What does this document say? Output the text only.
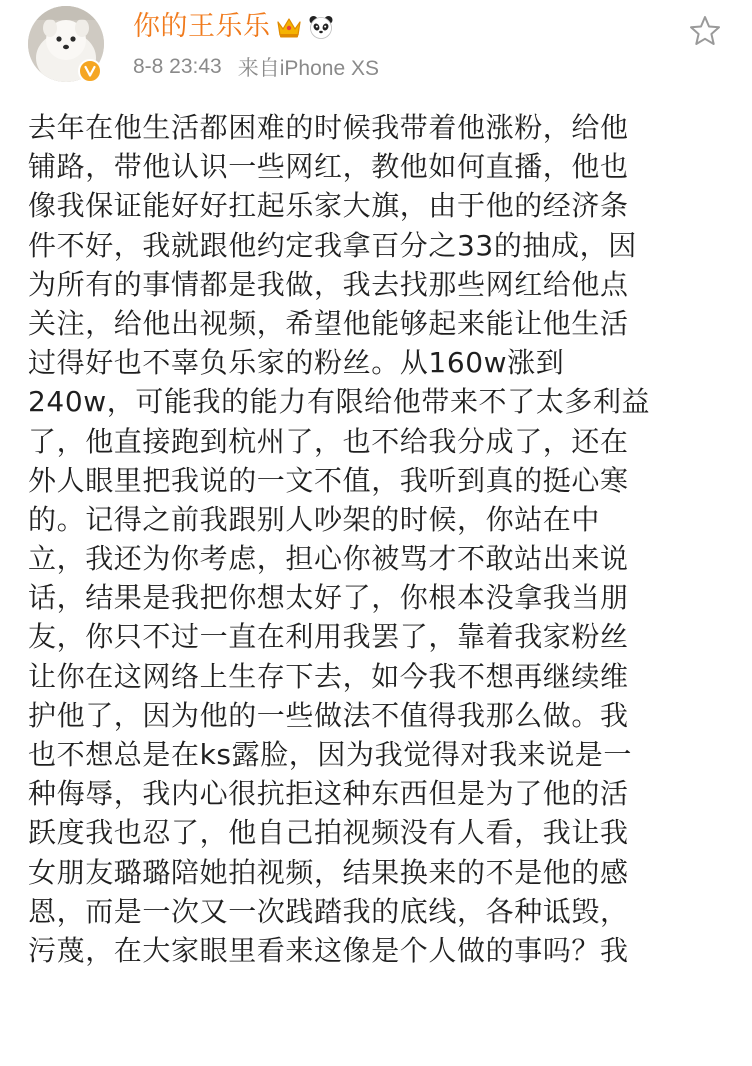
你的王乐乐
8-8 23:43 来自iPhone XS
去年在他生活都困难的时候我带着他涨粉，给他
铺路，带他认识一些网红，教他如何直播，他也
像我保证能好好扛起乐家大旗，由于他的经济条
件不好，我就跟他约定我拿百分之33的抽成，因
为所有的事情都是我做，我去找那些网红给他点
关注，给他出视频，希望他能够起来能让他生活
过得好也不辜负乐家的粉丝。从160w涨到
240w，可能我的能力有限给他带来不了太多利益
了，他直接跑到杭州了，也不给我分成了，还在
外人眼里把我说的一文不值，我听到真的挺心寒
的。记得之前我跟别人吵架的时候，你站在中
立，我还为你考虑，担心你被骂才不敢站出来说
话，结果是我把你想太好了，你根本没拿我当朋
友，你只不过一直在利用我罢了，靠着我家粉丝
让你在这网络上生存下去，如今我不想再继续维
护他了，因为他的一些做法不值得我那么做。我
也不想总是在ks露脸，因为我觉得对我来说是一
种侮辱，我内心很抗拒这种东西但是为了他的活
跃度我也忍了，他自己拍视频没有人看，我让我
女朋友璐璐陪她拍视频，结果换来的不是他的感
恩，而是一次又一次践踏我的底线，各种诋毁，
污蔑，在大家眼里看来这像是个人做的事吗？我
